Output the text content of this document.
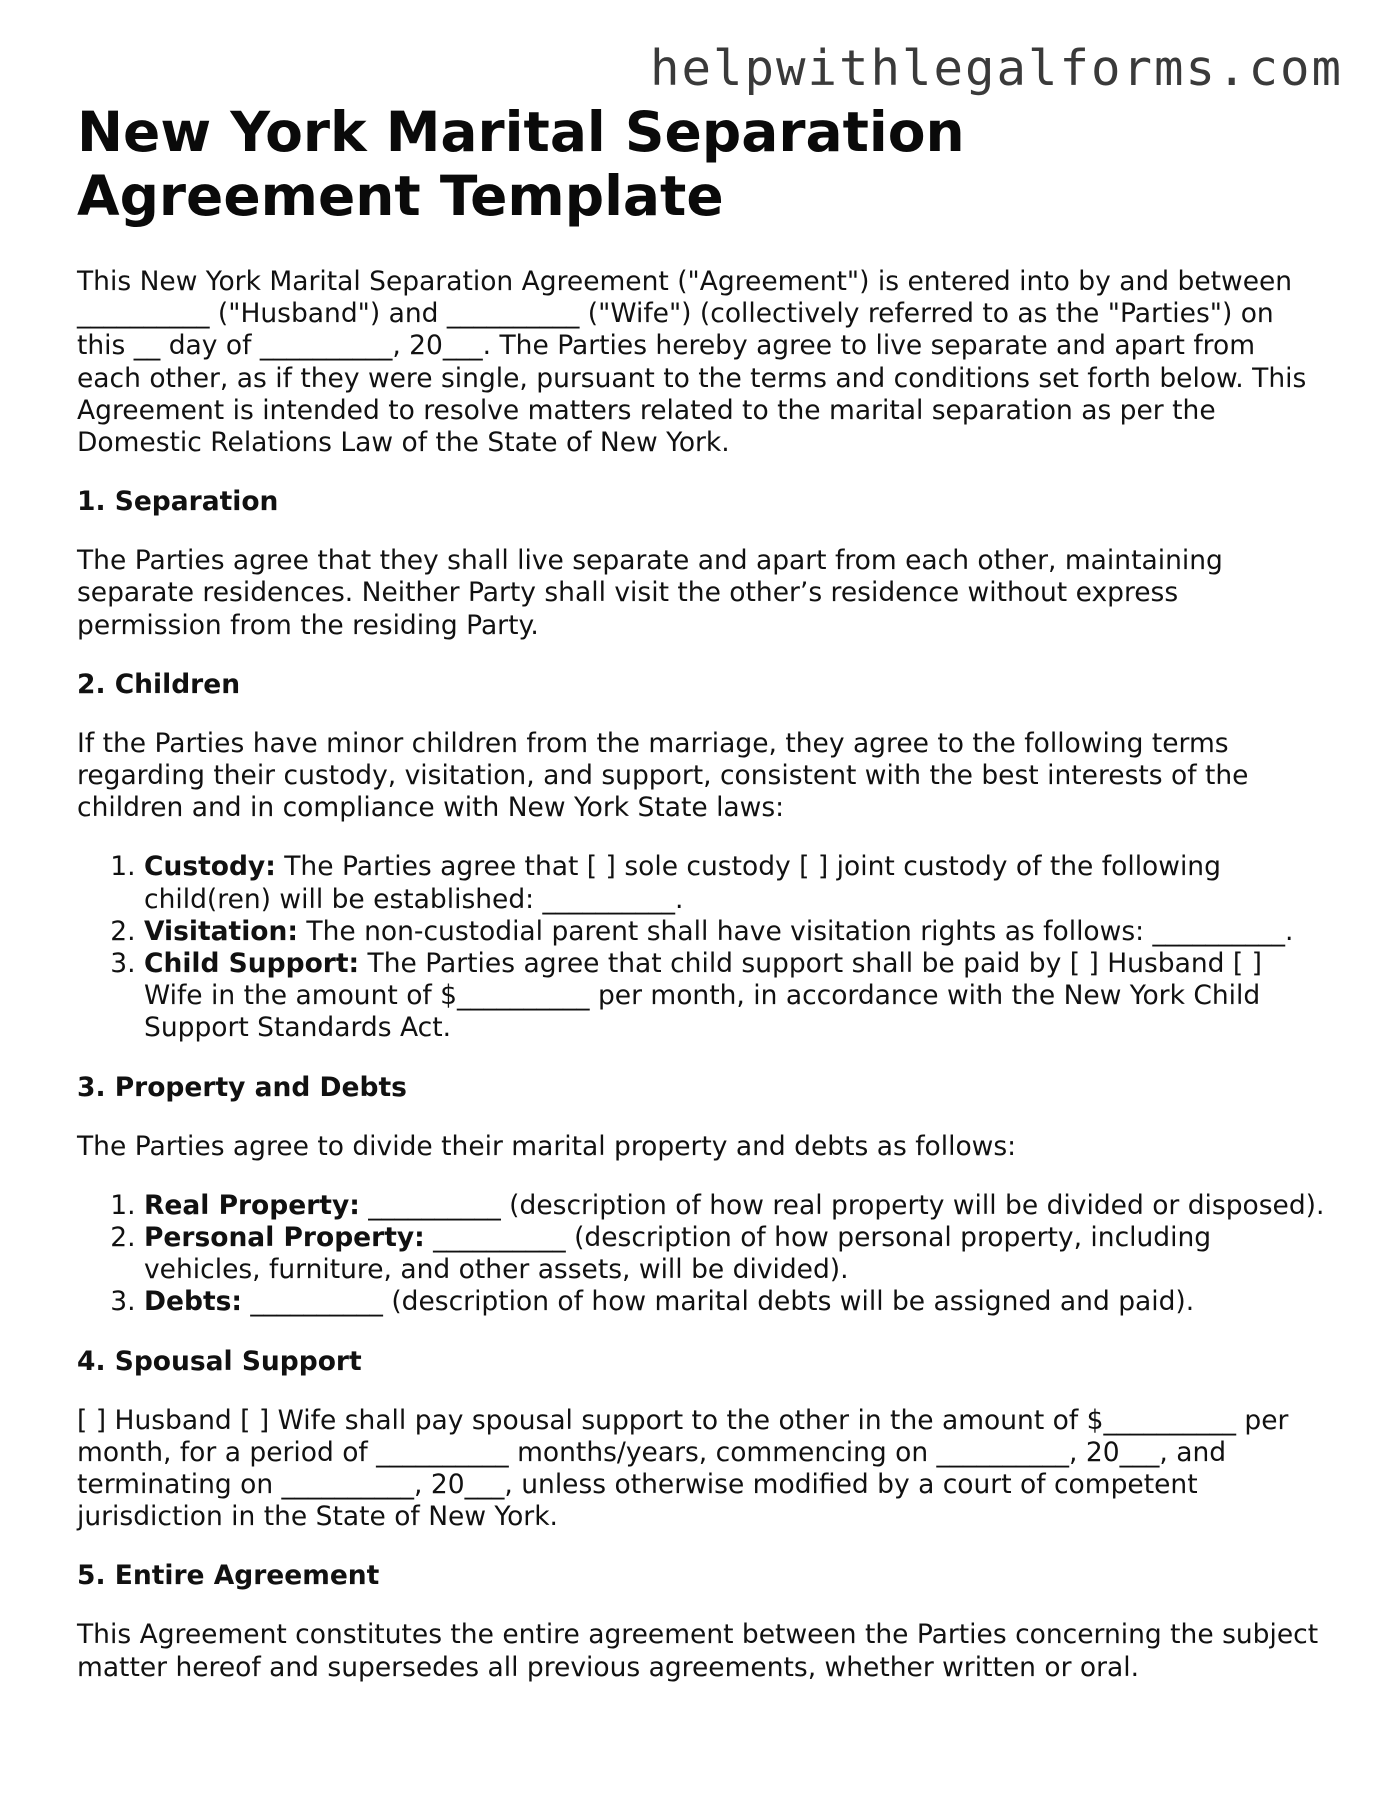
helpwithlegalforms.com
New York Marital Separation Agreement Template

This New York Marital Separation Agreement ("Agreement") is entered into by and between __________ ("Husband") and __________ ("Wife") (collectively referred to as the "Parties") on this __ day of __________, 20___. The Parties hereby agree to live separate and apart from each other, as if they were single, pursuant to the terms and conditions set forth below. This Agreement is intended to resolve matters related to the marital separation as per the Domestic Relations Law of the State of New York.

1. Separation

The Parties agree that they shall live separate and apart from each other, maintaining separate residences. Neither Party shall visit the other’s residence without express permission from the residing Party.

2. Children

If the Parties have minor children from the marriage, they agree to the following terms regarding their custody, visitation, and support, consistent with the best interests of the children and in compliance with New York State laws:

1. Custody: The Parties agree that [ ] sole custody [ ] joint custody of the following child(ren) will be established: __________.
2. Visitation: The non-custodial parent shall have visitation rights as follows: __________.
3. Child Support: The Parties agree that child support shall be paid by [ ] Husband [ ] Wife in the amount of $__________ per month, in accordance with the New York Child Support Standards Act.
3. Property and Debts

The Parties agree to divide their marital property and debts as follows:

1. Real Property: __________ (description of how real property will be divided or disposed).
2. Personal Property: __________ (description of how personal property, including vehicles, furniture, and other assets, will be divided).
3. Debts: __________ (description of how marital debts will be assigned and paid).
4. Spousal Support

[ ] Husband [ ] Wife shall pay spousal support to the other in the amount of $__________ per month, for a period of __________ months/years, commencing on __________, 20___, and terminating on __________, 20___, unless otherwise modified by a court of competent jurisdiction in the State of New York.

5. Entire Agreement

This Agreement constitutes the entire agreement between the Parties concerning the subject matter hereof and supersedes all previous agreements, whether written or oral.
